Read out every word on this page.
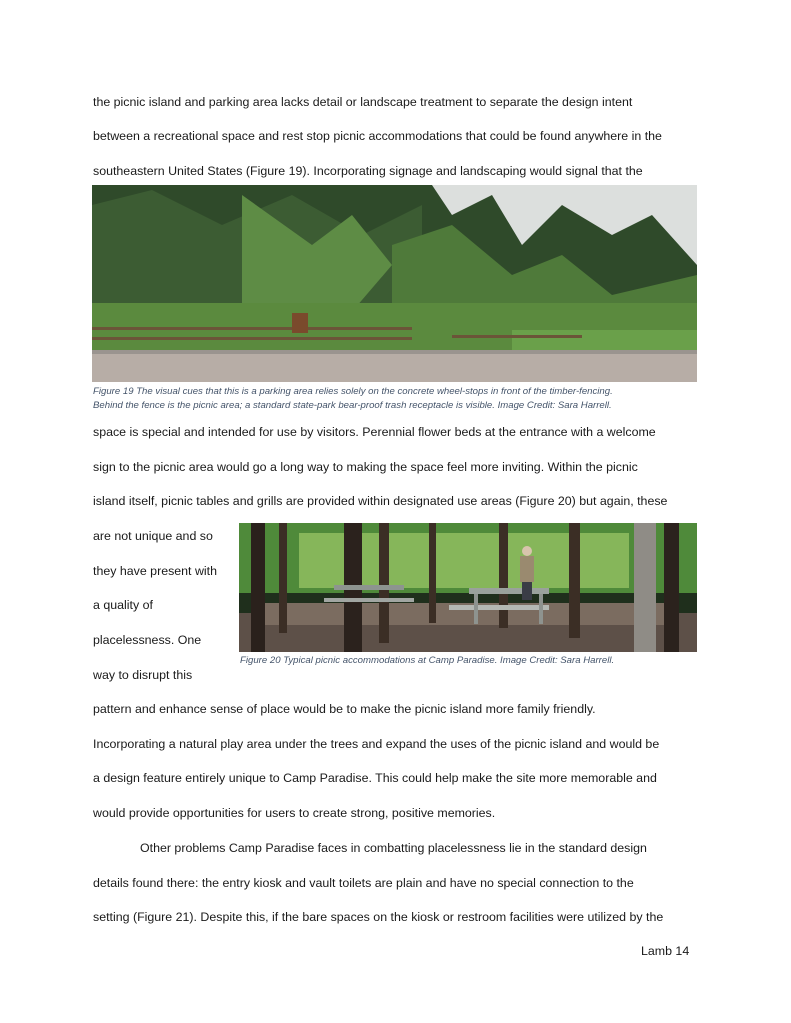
the picnic island and parking area lacks detail or landscape treatment to separate the design intent
between a recreational space and rest stop picnic accommodations that could be found anywhere in the
southeastern United States (Figure 19). Incorporating signage and landscaping would signal that the
Figure 19 The visual cues that this is a parking area relies solely on the concrete wheel-stops in front of the timber-fencing.
Behind the fence is the picnic area; a standard state-park bear-proof trash receptacle is visible. Image Credit: Sara Harrell.
space is special and intended for use by visitors. Perennial flower beds at the entrance with a welcome
sign to the picnic area would go a long way to making the space feel more inviting. Within the picnic
island itself, picnic tables and grills are provided within designated use areas (Figure 20) but again, these
are not unique and so
they have present with
a quality of
placelessness. One
way to disrupt this
Figure 20 Typical picnic accommodations at Camp Paradise. Image Credit: Sara Harrell.
pattern and enhance sense of place would be to make the picnic island more family friendly.
Incorporating a natural play area under the trees and expand the uses of the picnic island and would be
a design feature entirely unique to Camp Paradise. This could help make the site more memorable and
would provide opportunities for users to create strong, positive memories.
Other problems Camp Paradise faces in combatting placelessness lie in the standard design
details found there: the entry kiosk and vault toilets are plain and have no special connection to the
setting (Figure 21). Despite this, if the bare spaces on the kiosk or restroom facilities were utilized by the
Lamb 14
